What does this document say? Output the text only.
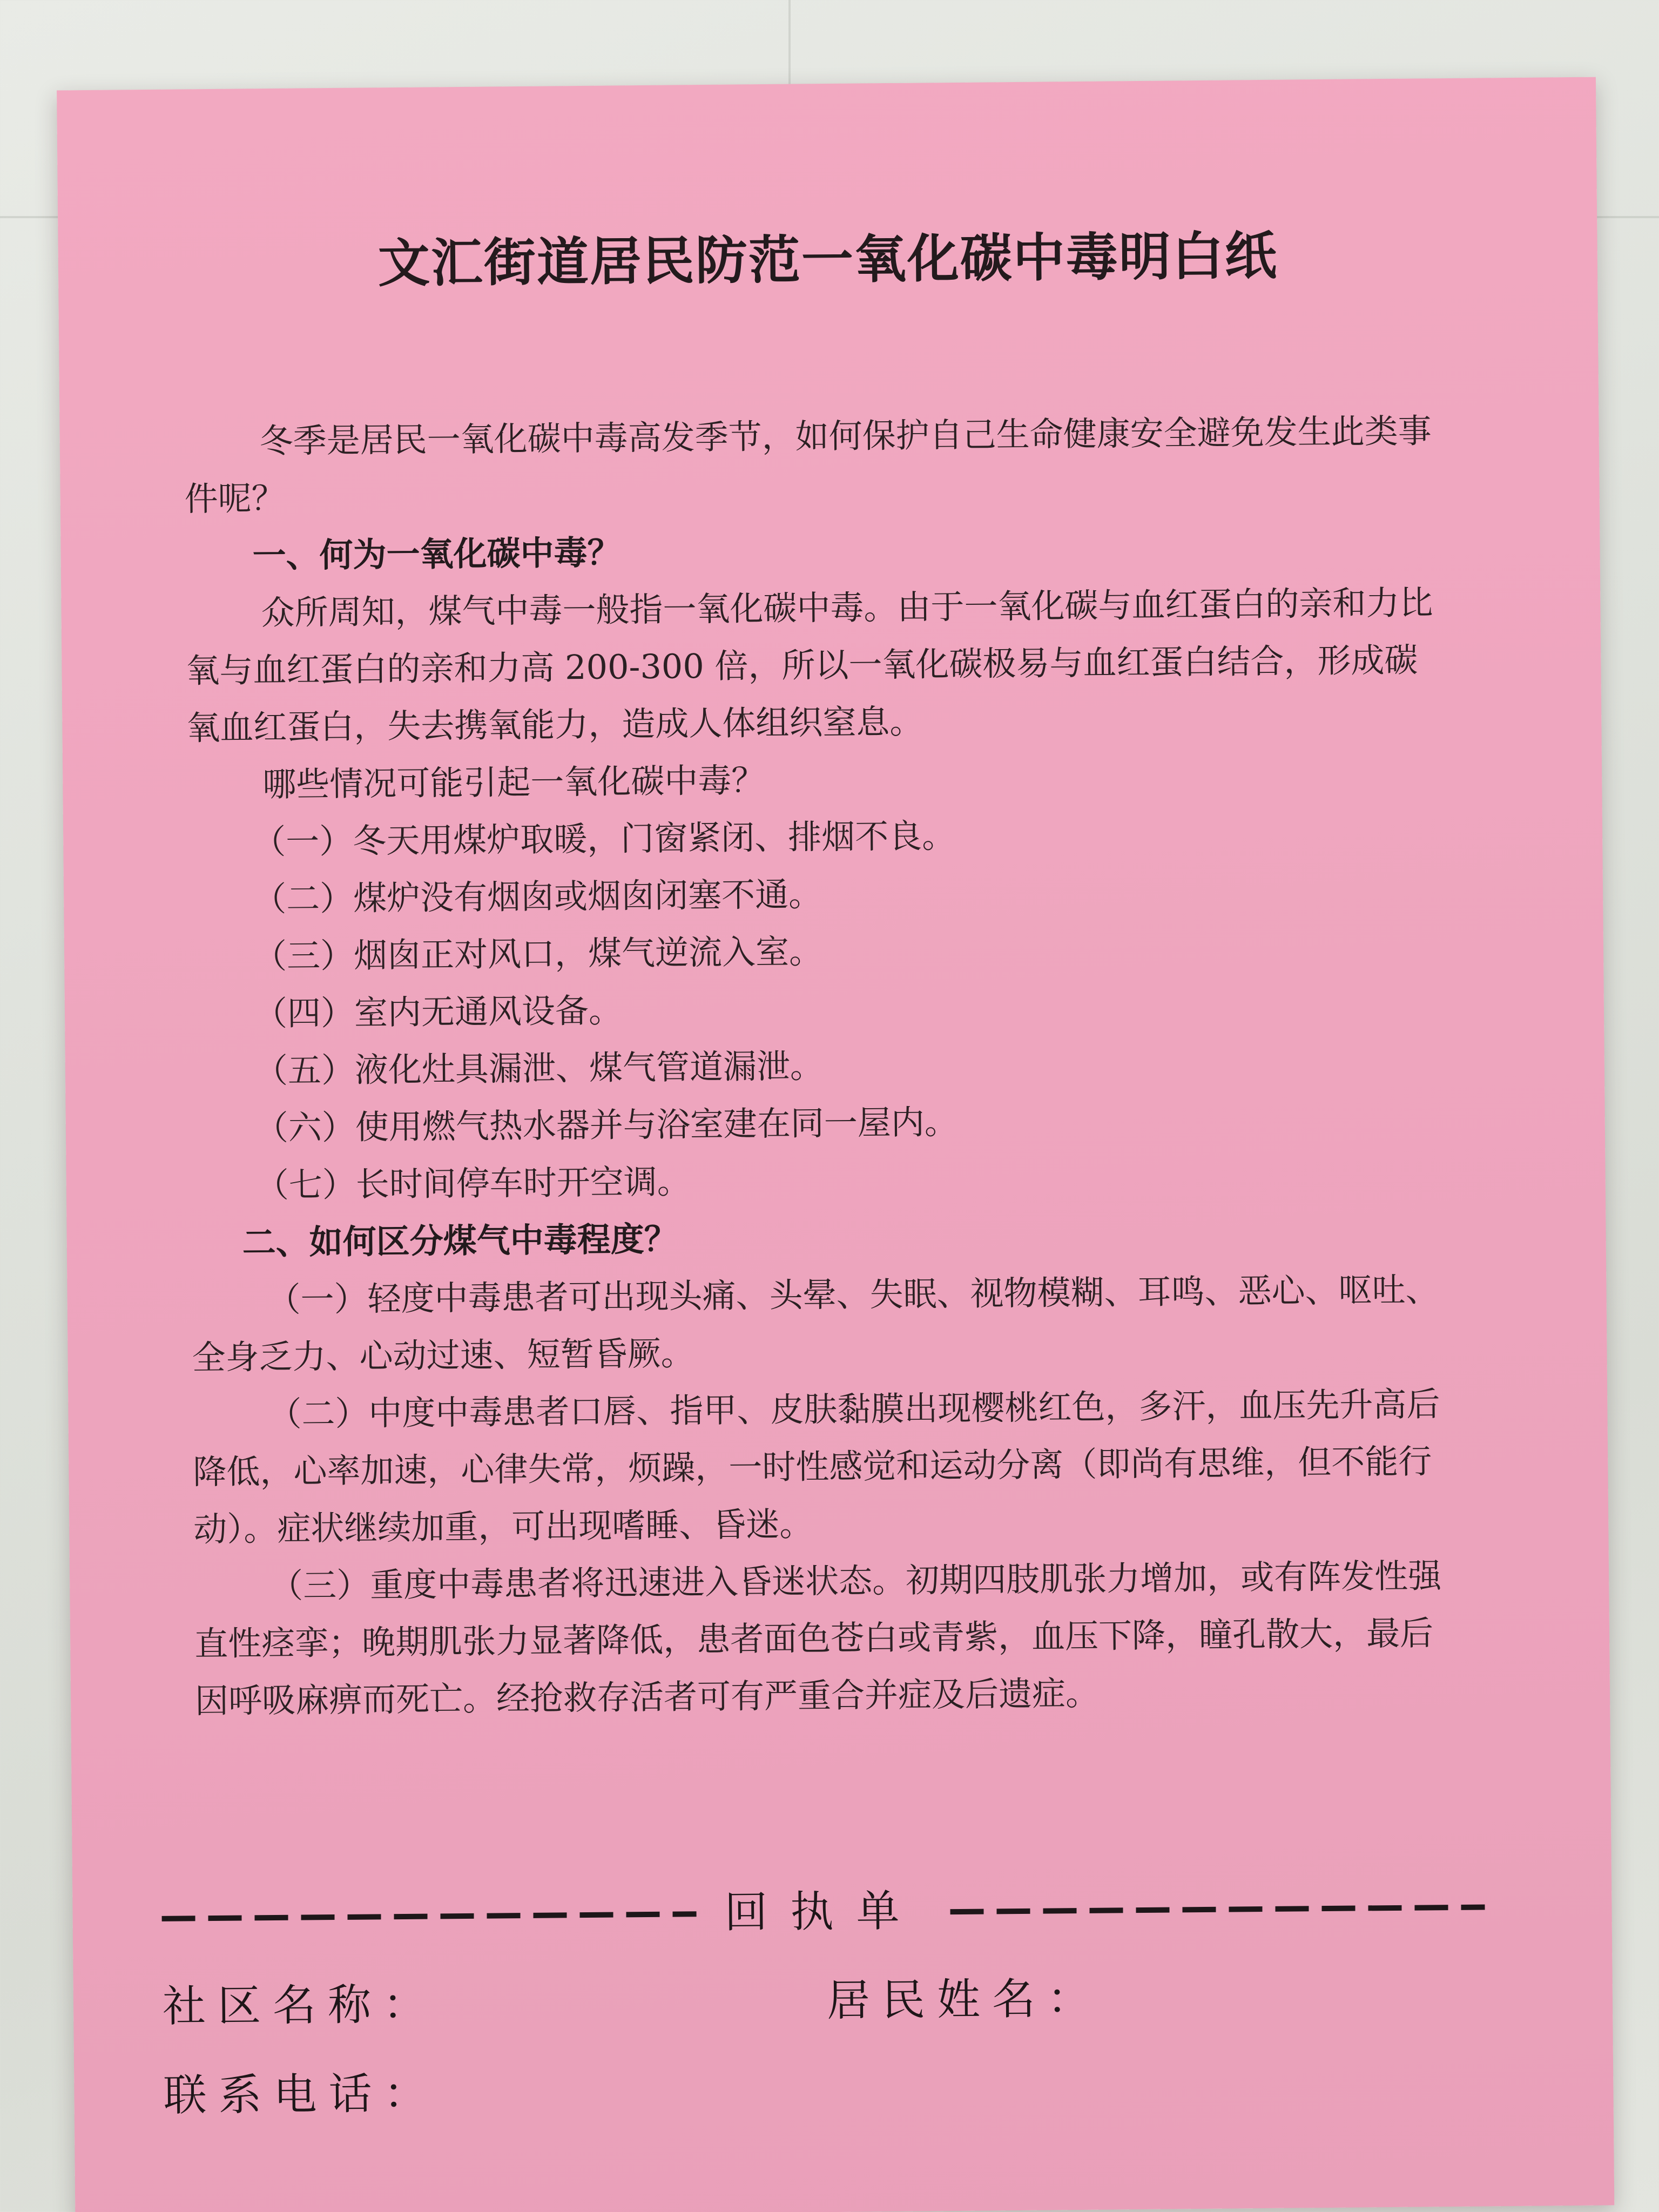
文汇街道居民防范一氧化碳中毒明白纸

冬季是居民一氧化碳中毒高发季节，如何保护自己生命健康安全避免发生此类事件呢？

一、何为一氧化碳中毒？

众所周知，煤气中毒一般指一氧化碳中毒。由于一氧化碳与血红蛋白的亲和力比氧与血红蛋白的亲和力高 200-300 倍，所以一氧化碳极易与血红蛋白结合，形成碳氧血红蛋白，失去携氧能力，造成人体组织窒息。

哪些情况可能引起一氧化碳中毒？

（一）冬天用煤炉取暖，门窗紧闭、排烟不良。

（二）煤炉没有烟囱或烟囱闭塞不通。

（三）烟囱正对风口，煤气逆流入室。

（四）室内无通风设备。

（五）液化灶具漏泄、煤气管道漏泄。

（六）使用燃气热水器并与浴室建在同一屋内。

（七）长时间停车时开空调。

二、如何区分煤气中毒程度？

（一）轻度中毒患者可出现头痛、头晕、失眠、视物模糊、耳鸣、恶心、呕吐、全身乏力、心动过速、短暂昏厥。

（二）中度中毒患者口唇、指甲、皮肤黏膜出现樱桃红色，多汗，血压先升高后降低，心率加速，心律失常，烦躁，一时性感觉和运动分离（即尚有思维，但不能行动）。症状继续加重，可出现嗜睡、昏迷。

（三）重度中毒患者将迅速进入昏迷状态。初期四肢肌张力增加，或有阵发性强直性痉挛；晚期肌张力显著降低，患者面色苍白或青紫，血压下降，瞳孔散大，最后因呼吸麻痹而死亡。经抢救存活者可有严重合并症及后遗症。

回执单
社区名称：	居民姓名：
联系电话：
